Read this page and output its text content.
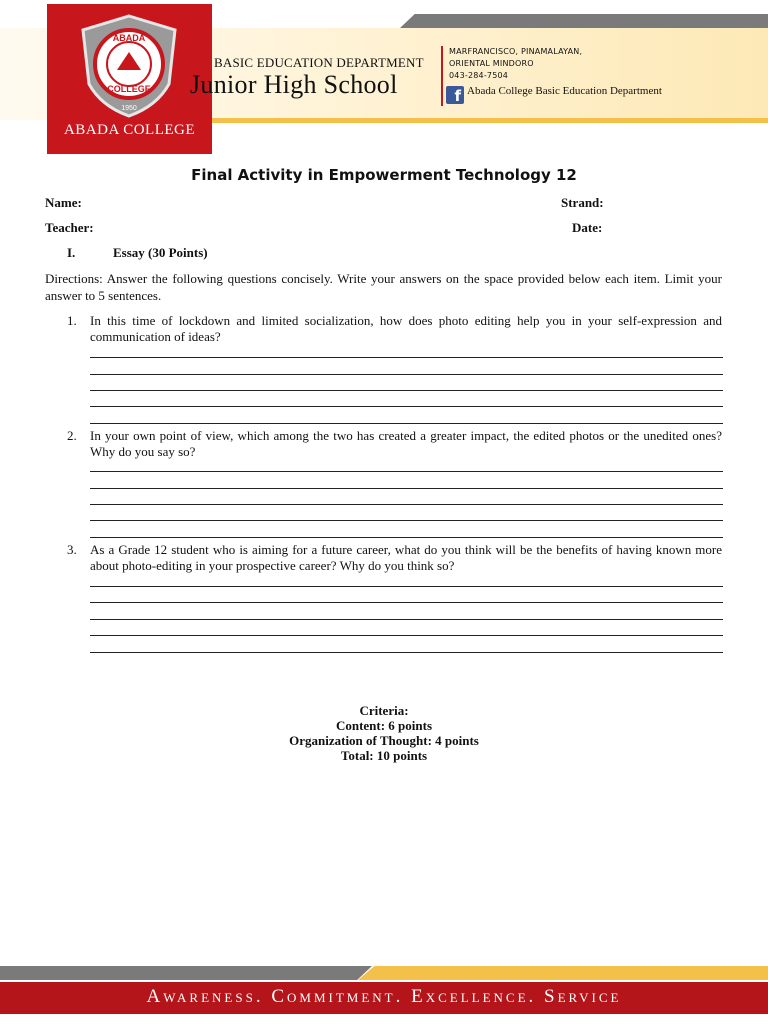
ABADA
COLLEGE
1950
ABADA COLLEGE
BASIC EDUCATION DEPARTMENT
Junior High School
MARFRANCISCO, PINAMALAYAN,
ORIENTAL MINDORO
043-284-7504
f Abada College Basic Education Department
Final Activity in Empowerment Technology 12
Name:	Strand:
Teacher:	Date:
I.	Essay (30 Points)
Directions: Answer the following questions concisely. Write your answers on the space provided below each item. Limit your answer to 5 sentences.
1. In this time of lockdown and limited socialization, how does photo editing help you in your self-expression and communication of ideas?
2. In your own point of view, which among the two has created a greater impact, the edited photos or the unedited ones? Why do you say so?
3. As a Grade 12 student who is aiming for a future career, what do you think will be the benefits of having known more about photo-editing in your prospective career? Why do you think so?
Criteria:
Content: 6 points
Organization of Thought: 4 points
Total: 10 points
Awareness. Commitment. Excellence. Service
